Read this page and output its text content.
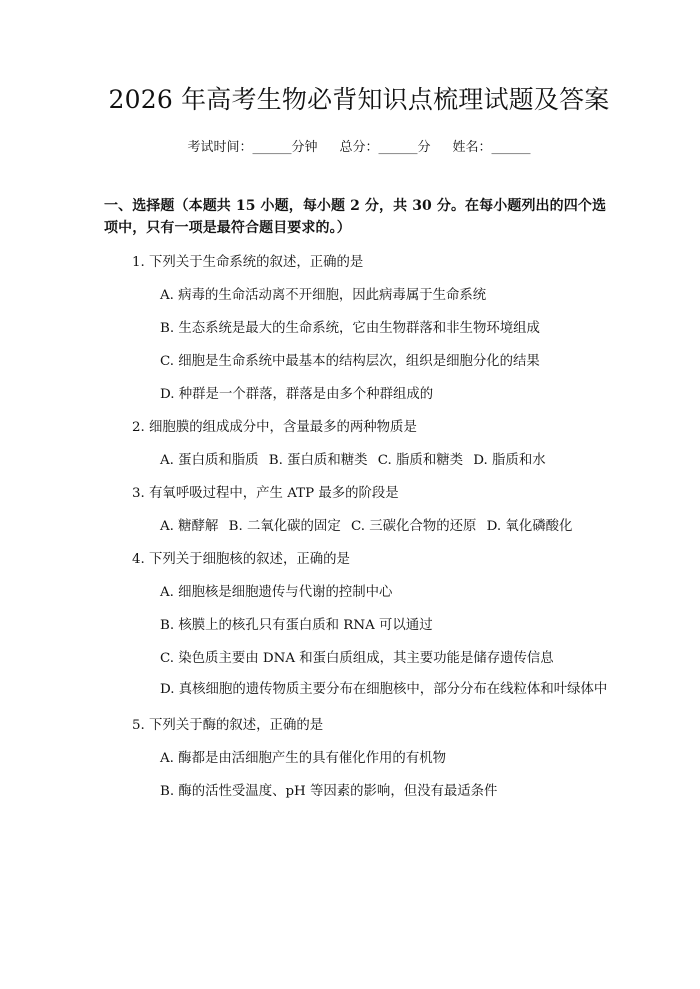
2026 年高考生物必背知识点梳理试题及答案
考试时间：______分钟 总分：______分 姓名：______
一、选择题（本题共 15 小题，每小题 2 分，共 30 分。在每小题列出的四个选项中，只有一项是最符合题目要求的。）
1. 下列关于生命系统的叙述，正确的是
A. 病毒的生命活动离不开细胞，因此病毒属于生命系统
B. 生态系统是最大的生命系统，它由生物群落和非生物环境组成
C. 细胞是生命系统中最基本的结构层次，组织是细胞分化的结果
D. 种群是一个群落，群落是由多个种群组成的
2. 细胞膜的组成成分中，含量最多的两种物质是
A. 蛋白质和脂质 B. 蛋白质和糖类 C. 脂质和糖类 D. 脂质和水
3. 有氧呼吸过程中，产生 ATP 最多的阶段是
A. 糖酵解 B. 二氧化碳的固定 C. 三碳化合物的还原 D. 氧化磷酸化
4. 下列关于细胞核的叙述，正确的是
A. 细胞核是细胞遗传与代谢的控制中心
B. 核膜上的核孔只有蛋白质和 RNA 可以通过
C. 染色质主要由 DNA 和蛋白质组成，其主要功能是储存遗传信息
D. 真核细胞的遗传物质主要分布在细胞核中，部分分布在线粒体和叶绿体中
5. 下列关于酶的叙述，正确的是
A. 酶都是由活细胞产生的具有催化作用的有机物
B. 酶的活性受温度、pH 等因素的影响，但没有最适条件
